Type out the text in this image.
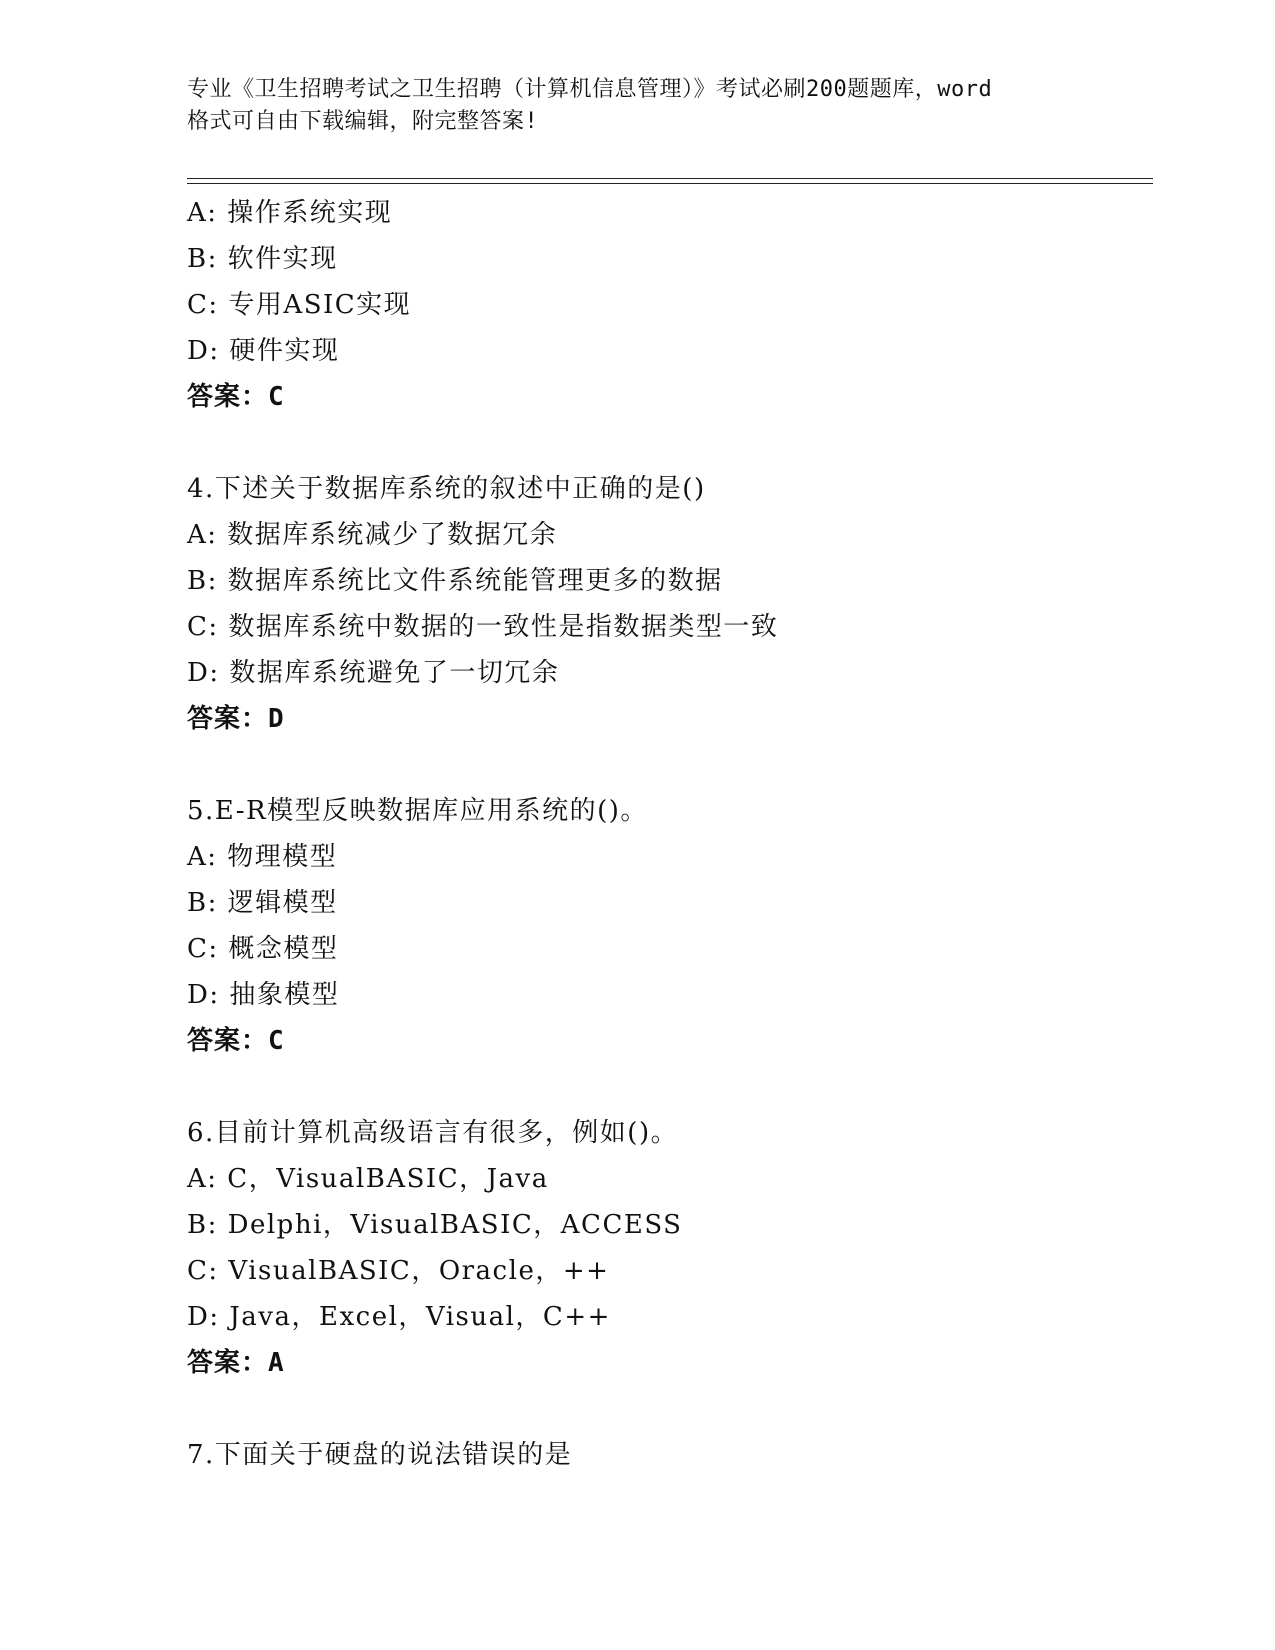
专业《卫生招聘考试之卫生招聘（计算机信息管理）》考试必刷200题题库，word
格式可自由下载编辑，附完整答案!
A: 操作系统实现
B: 软件实现
C: 专用ASIC实现
D: 硬件实现
答案：C
4.下述关于数据库系统的叙述中正确的是()
A: 数据库系统减少了数据冗余
B: 数据库系统比文件系统能管理更多的数据
C: 数据库系统中数据的一致性是指数据类型一致
D: 数据库系统避免了一切冗余
答案：D
5.E-R模型反映数据库应用系统的()。
A: 物理模型
B: 逻辑模型
C: 概念模型
D: 抽象模型
答案：C
6.目前计算机高级语言有很多，例如()。
A: C，VisualBASIC，Java
B: Delphi，VisualBASIC，ACCESS
C: VisualBASIC，Oracle，++
D: Java，Excel，Visual，C++
答案：A
7.下面关于硬盘的说法错误的是
